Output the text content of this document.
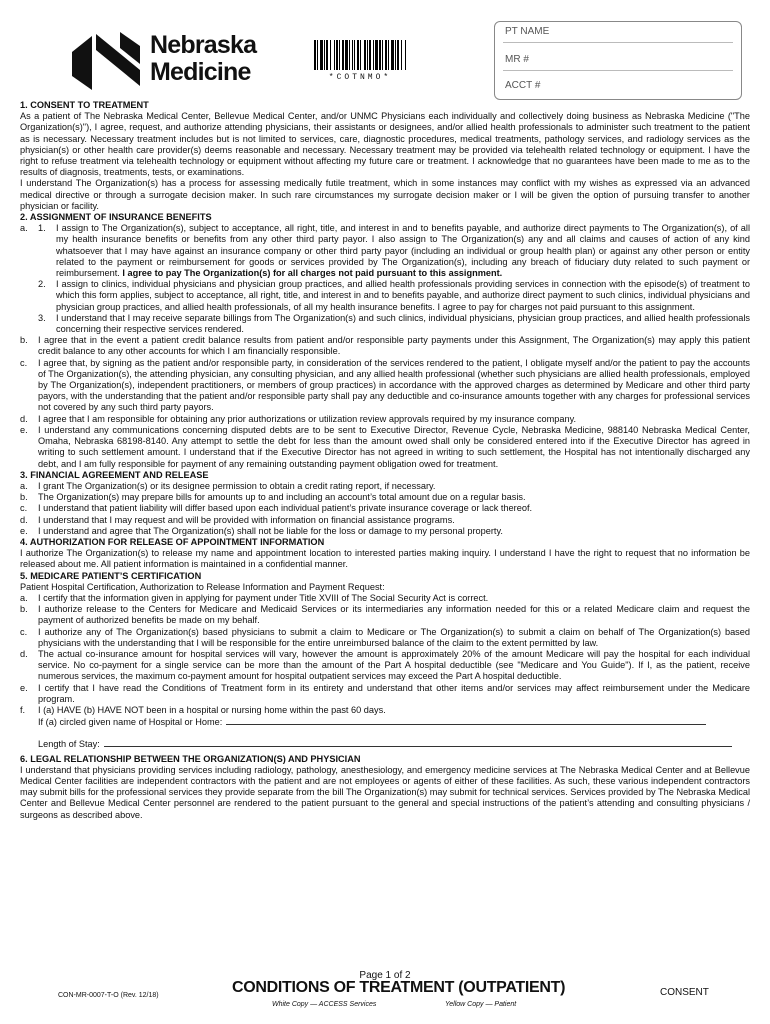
Nebraska
Medicine	*COTNMO*
PT NAME
MR #
ACCT #
1. CONSENT TO TREATMENT
As a patient of The Nebraska Medical Center, Bellevue Medical Center, and/or UNMC Physicians each individually and collectively doing business as Nebraska Medicine ("The Organization(s)"), I agree, request, and authorize attending physicians, their assistants or designees, and/or allied health professionals to administer such treatment to the patient as is necessary. Necessary treatment includes but is not limited to services, care, diagnostic procedures, medical treatments, pathology services, and radiology services as the physician(s) or other health care provider(s) deems reasonable and necessary. Necessary treatment may be provided via telehealth related technology or equipment. I have the right to refuse treatment via telehealth technology or equipment without affecting my future care or treatment. I acknowledge that no guarantees have been made to me as to the results of diagnosis, treatments, tests, or examinations.
I understand The Organization(s) has a process for assessing medically futile treatment, which in some instances may conflict with my wishes as expressed via an advanced medical directive or through a surrogate decision maker. In such rare circumstances my surrogate decision maker or I will be given the option of pursuing transfer to another physician or facility.
2. ASSIGNMENT OF INSURANCE BENEFITS
a. 1. I assign to The Organization(s), subject to acceptance, all right, title, and interest in and to benefits payable, and authorize direct payments to The Organization(s), of all my health insurance benefits or benefits from any other third party payor. I also assign to The Organization(s) any and all claims and causes of action of any kind whatsoever that I may have against an insurance company or other third party payor (including an individual or group health plan) or against any other person or entity related to the payment or reimbursement for goods or services provided by The Organization(s), including any breach of fiduciary duty related to such payment or reimbursement. I agree to pay The Organization(s) for all charges not paid pursuant to this assignment.
2. I assign to clinics, individual physicians and physician group practices, and allied health professionals providing services in connection with the episode(s) of treatment to which this form applies, subject to acceptance, all right, title, and interest in and to benefits payable, and authorize direct payment to such clinics, individual physicians and physician group practices, and allied health professionals, of all my health insurance benefits. I agree to pay for charges not paid pursuant to this assignment.
3. I understand that I may receive separate billings from The Organization(s) and such clinics, individual physicians, physician group practices, and allied health professionals concerning their respective services rendered.
b. I agree that in the event a patient credit balance results from patient and/or responsible party payments under this Assignment, The Organization(s) may apply this patient credit balance to any other accounts for which I am financially responsible.
c. I agree that, by signing as the patient and/or responsible party, in consideration of the services rendered to the patient, I obligate myself and/or the patient to pay the accounts of The Organization(s), the attending physician, any consulting physician, and any allied health professional (whether such physicians are allied health professionals, employed by The Organization(s), independent practitioners, or members of group practices) in accordance with the approved charges as determined by Medicare and other third party payors, with the understanding that the patient and/or responsible party shall pay any deductible and co-insurance amounts together with any charges for professional services not covered by any such third party payors.
d. I agree that I am responsible for obtaining any prior authorizations or utilization review approvals required by my insurance company.
e. I understand any communications concerning disputed debts are to be sent to Executive Director, Revenue Cycle, Nebraska Medicine, 988140 Nebraska Medical Center, Omaha, Nebraska 68198-8140. Any attempt to settle the debt for less than the amount owed shall only be considered entered into if the Executive Director has agreed in writing to such settlement amount. I understand that if the Executive Director has not agreed in writing to such settlement, the Hospital has not intentionally discharged any debt, and I am fully responsible for payment of any remaining outstanding payment obligation owed for treatment.
3. FINANCIAL AGREEMENT AND RELEASE
a. I grant The Organization(s) or its designee permission to obtain a credit rating report, if necessary.
b. The Organization(s) may prepare bills for amounts up to and including an account’s total amount due on a regular basis.
c. I understand that patient liability will differ based upon each individual patient’s private insurance coverage or lack thereof.
d. I understand that I may request and will be provided with information on financial assistance programs.
e. I understand and agree that The Organization(s) shall not be liable for the loss or damage to my personal property.
4. AUTHORIZATION FOR RELEASE OF APPOINTMENT INFORMATION
I authorize The Organization(s) to release my name and appointment location to interested parties making inquiry. I understand I have the right to request that no information be released about me. All patient information is maintained in a confidential manner.
5. MEDICARE PATIENT’S CERTIFICATION
Patient Hospital Certification, Authorization to Release Information and Payment Request:
a. I certify that the information given in applying for payment under Title XVIII of The Social Security Act is correct.
b. I authorize release to the Centers for Medicare and Medicaid Services or its intermediaries any information needed for this or a related Medicare claim and request the payment of authorized benefits be made on my behalf.
c. I authorize any of The Organization(s) based physicians to submit a claim to Medicare or The Organization(s) to submit a claim on behalf of The Organization(s) based physicians with the understanding that I will be responsible for the entire unreimbursed balance of the claim to the extent permitted by law.
d. The actual co-insurance amount for hospital services will vary, however the amount is approximately 20% of the amount Medicare will pay the hospital for each individual service. No co-payment for a single service can be more than the amount of the Part A hospital deductible (see "Medicare and You Guide"). If I, as the patient, receive numerous services, the maximum co-payment amount for hospital outpatient services may exceed the Part A hospital deductible.
e. I certify that I have read the Conditions of Treatment form in its entirety and understand that other items and/or services may affect reimbursement under the Medicare program.
f. I (a) HAVE (b) HAVE NOT been in a hospital or nursing home within the past 60 days.
If (a) circled given name of Hospital or Home:
Length of Stay:
6. LEGAL RELATIONSHIP BETWEEN THE ORGANIZATION(S) AND PHYSICIAN
I understand that physicians providing services including radiology, pathology, anesthesiology, and emergency medicine services at The Nebraska Medical Center and at Bellevue Medical Center facilities are independent contractors with the patient and are not employees or agents of either of these facilities. As such, these various independent contractors may submit bills for the professional services they provide separate from the bill The Organization(s) may submit for technical services. Services provided by The Nebraska Medical Center and Bellevue Medical Center personnel are rendered to the patient pursuant to the general and special instructions of the patient’s attending and consulting physicians / surgeons as described above.
Page 1 of 2
CON-MR-0007-T-O (Rev. 12/18)	CONDITIONS OF TREATMENT (OUTPATIENT)
White Copy — ACCESS Services	Yellow Copy — Patient
CONSENT
